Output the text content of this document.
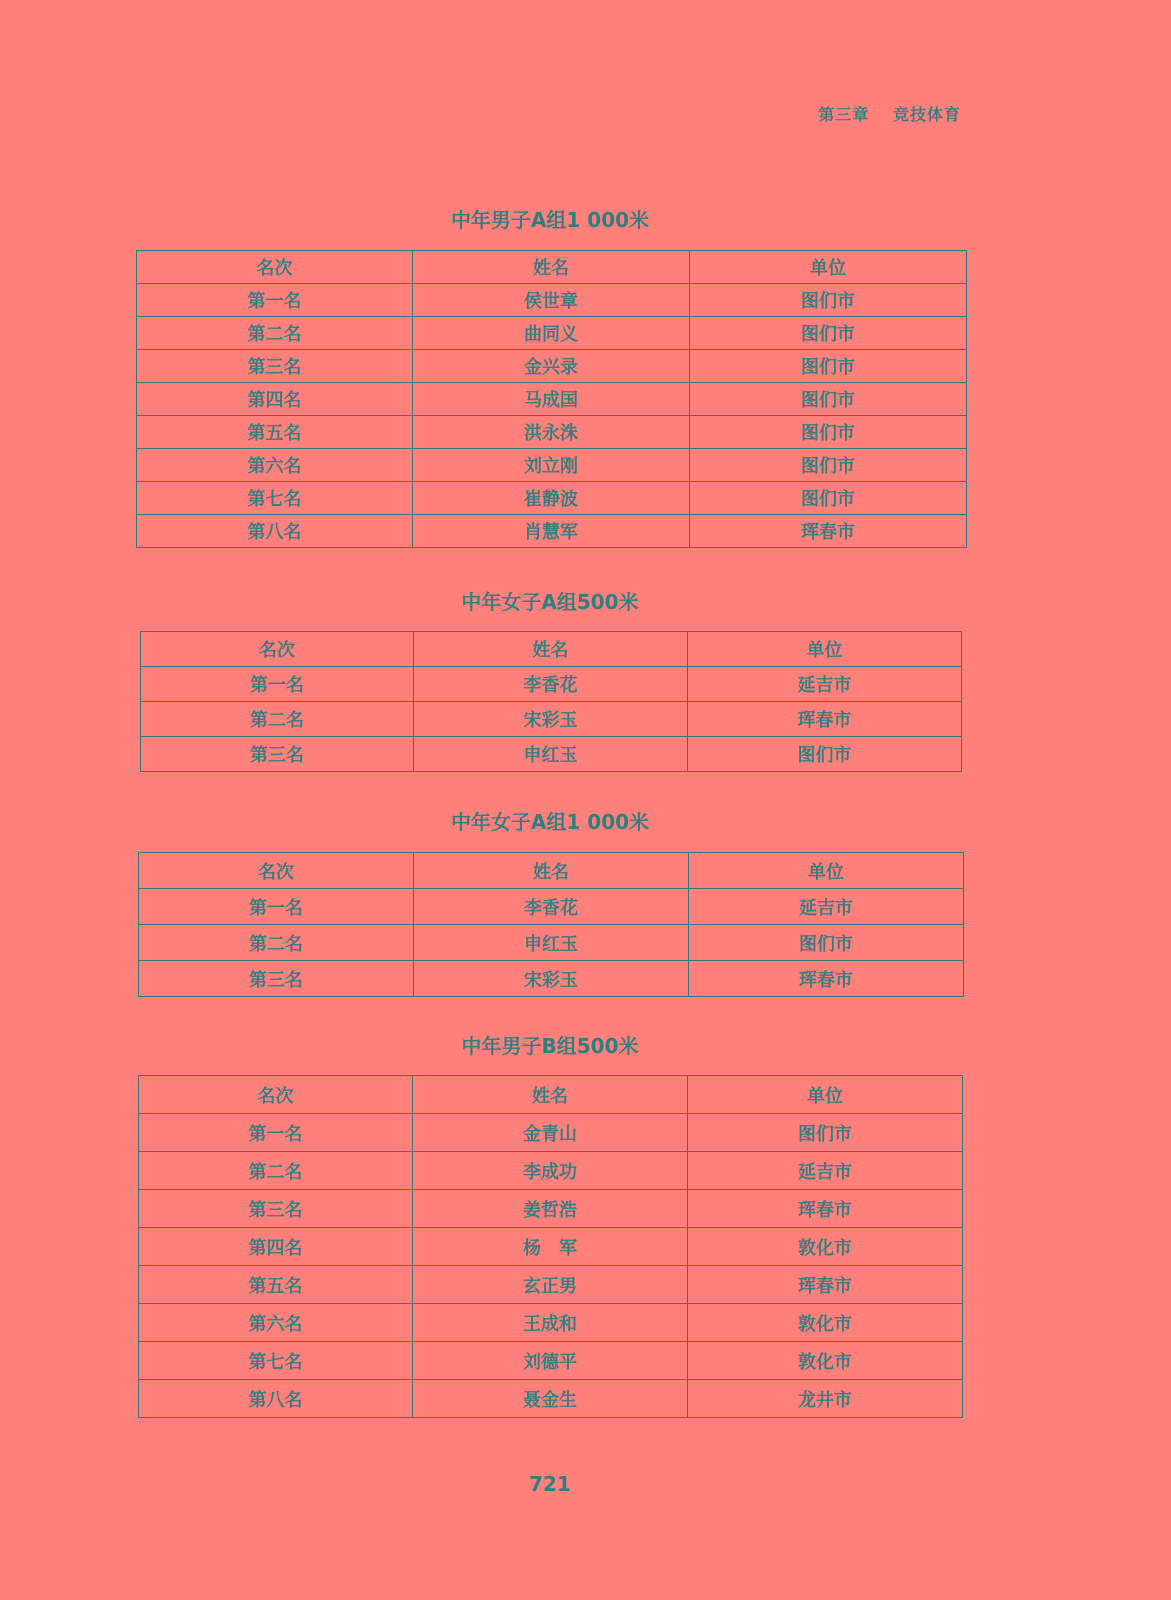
第三章　 竞技体育
中年男子A组1 000米
名次	姓名	单位
第一名	侯世章	图们市
第二名	曲同义	图们市
第三名	金兴录	图们市
第四名	马成国	图们市
第五名	洪永洙	图们市
第六名	刘立刚	图们市
第七名	崔静波	图们市
第八名	肖慧军	珲春市
中年女子A组500米
名次	姓名	单位
第一名	李香花	延吉市
第二名	宋彩玉	珲春市
第三名	申红玉	图们市
中年女子A组1 000米
名次	姓名	单位
第一名	李香花	延吉市
第二名	申红玉	图们市
第三名	宋彩玉	珲春市
中年男子B组500米
名次	姓名	单位
第一名	金青山	图们市
第二名	李成功	延吉市
第三名	姜哲浩	珲春市
第四名	杨　军	敦化市
第五名	玄正男	珲春市
第六名	王成和	敦化市
第七名	刘德平	敦化市
第八名	聂金生	龙井市
721
